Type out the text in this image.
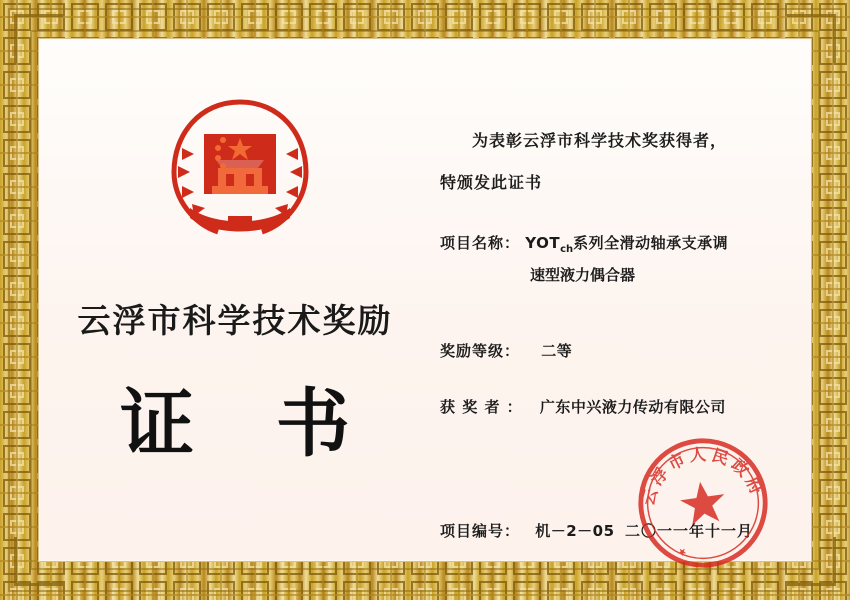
云浮市科学技术奖励
证 书
为表彰云浮市科学技术奖获得者，
特颁发此证书
项目名称： $YOT_{ch}$系列全滑动轴承支承调
速型液力偶合器
奖励等级： 二等
获 奖 者 ： 广东中兴液力传动有限公司
项目编号： 机－2－05 二〇一一年十一月
云浮市人民政府
★
